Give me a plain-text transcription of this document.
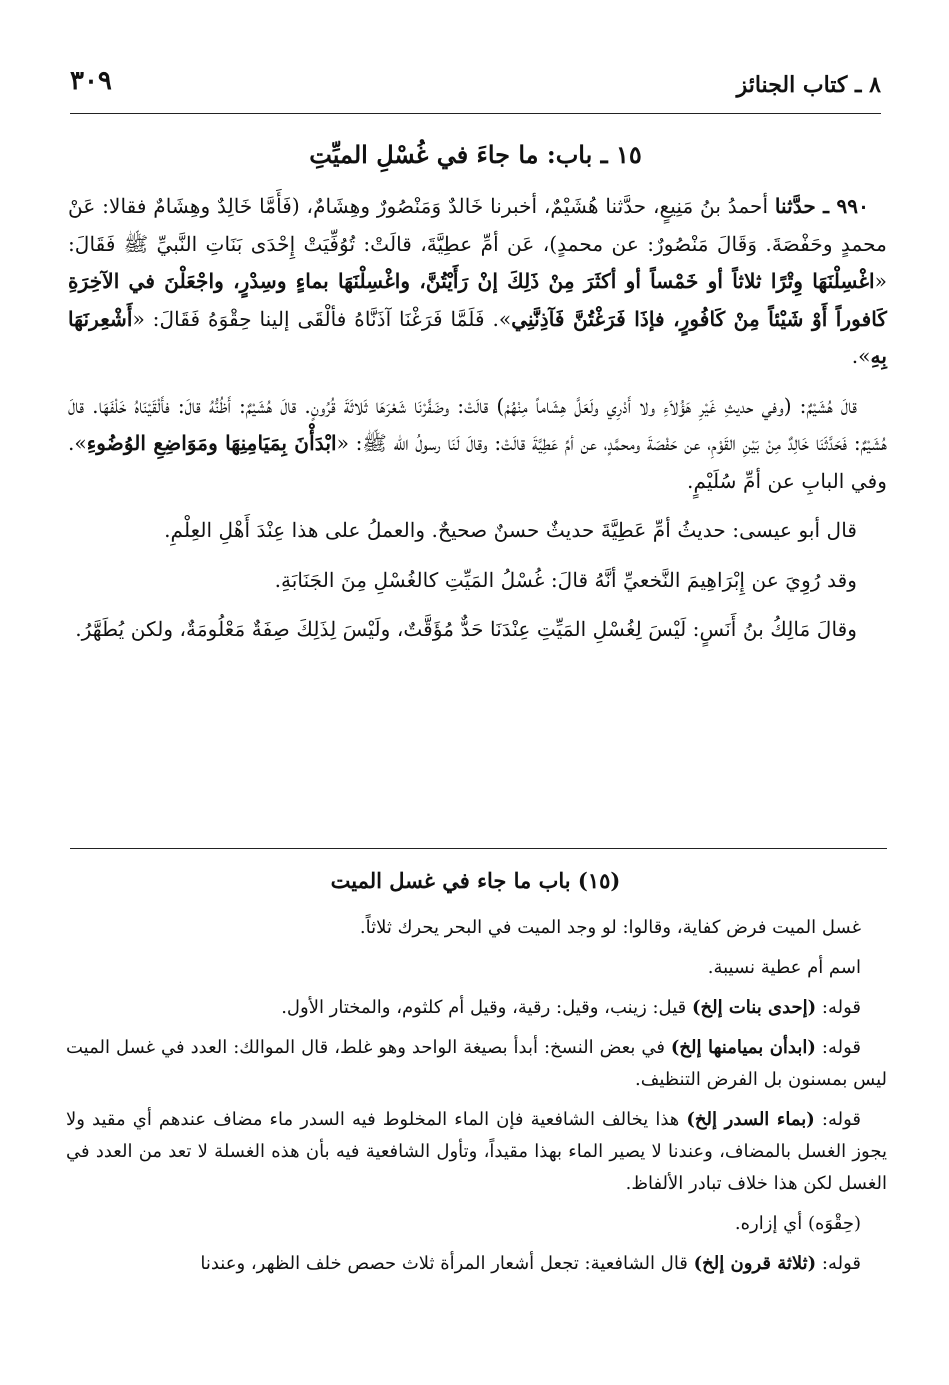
٨ ـ كتاب الجنائز
٣٠٩
١٥ ـ باب: ما جاءَ في غُسْلِ الميِّتِ

٩٩٠ ـ حدَّثنا أحمدُ بنُ مَنِيعٍ، حدَّثنا هُشَيْمٌ، أخبرنا خَالدٌ وَمَنْصُورٌ وهِشَامٌ، (فَأَمَّا خَالِدٌ وهِشَامٌ فقالا: عَنْ محمدٍ وحَفْصَةَ. وَقَالَ مَنْصُورٌ: عن محمدٍ)، عَن أمِّ عطِيَّةَ، قالَتْ: تُوُفِّيَتْ إِحْدَى بَنَاتِ النَّبيِّ ﷺ فَقَالَ: «اغْسِلْنَهَا وِتْرًا ثلاثاً أو خَمْساً أو أكثَرَ مِنْ ذَلِكَ إنْ رَأَيْتُنَّ، واغْسِلْنَهَا بماءٍ وسِدْرٍ، واجْعَلْنَ في الآخِرَةِ كَافوراً أَوْ شَيْئاً مِنْ كَافُورٍ، فإذَا فَرَغْتُنَّ فَآذِنَّنِي». فَلَمَّا فَرَغْنَا آذَنَّاهُ فألْقَى إلينا حِقْوَهُ فَقَالَ: «أَشْعِرنَهَا بِهِ».

قالَ هُشَيْمٌ: (وفي حديثِ غَيْرِ هَؤُلاَءِ ولا أَدْرِي ولَعَلَّ هِشَاماً مِنْهُمْ) قالَتْ: وضَفَّرْنَا شَعْرَهَا ثَلاثَةَ قُرُونٍ. قالَ هُشَيْمٌ: أَظُنُّهُ قالَ: فأَلْقَيْنَاهُ خَلْفَهَا. قالَ هُشَيْمٌ: فَحَدَّثَنَا خَالِدٌ مِنْ بَيْنِ القَوْمِ، عن حَفْصَةَ ومحمَّدٍ، عن أمِّ عَطِيَّةَ قالَتْ: وقالَ لَنَا رسولُ الله ﷺ: «ابْدَأْنَ بِمَيَامِنِهَا ومَوَاضِعِ الوُضُوءِ». وفي البابِ عن أمِّ سُلَيْمٍ.

قال أبو عيسى: حديثُ أمِّ عَطِيَّةَ حديثٌ حسنٌ صحيحٌ. والعملُ على هذا عِنْدَ أَهْلِ العِلْمِ.

وقد رُوِيَ عن إِبْرَاهِيمَ النَّخعيِّ أنَّهُ قالَ: غُسْلُ المَيِّتِ كالغُسْلِ مِنَ الجَنَابَةِ.

وقالَ مَالِكُ بنُ أَنَسٍ: لَيْسَ لِغُسْلِ المَيِّتِ عِنْدَنَا حَدٌّ مُؤَقَّتٌ، ولَيْسَ لِذَلِكَ صِفَةٌ مَعْلُومَةٌ، ولكن يُطَهَّرُ.

(١٥) باب ما جاء في غسل الميت

غسل الميت فرض كفاية، وقالوا: لو وجد الميت في البحر يحرك ثلاثاً.

اسم أم عطية نسيبة.

قوله: (إحدى بنات إلخ) قيل: زينب، وقيل: رقية، وقيل أم كلثوم، والمختار الأول.

قوله: (ابدأن بميامنها إلخ) في بعض النسخ: أبدأ بصيغة الواحد وهو غلط، قال الموالك: العدد في غسل الميت ليس بمسنون بل الفرض التنظيف.

قوله: (بماء السدر إلخ) هذا يخالف الشافعية فإن الماء المخلوط فيه السدر ماء مضاف عندهم أي مقيد ولا يجوز الغسل بالمضاف، وعندنا لا يصير الماء بهذا مقيداً، وتأول الشافعية فيه بأن هذه الغسلة لا تعد من العدد في الغسل لكن هذا خلاف تبادر الألفاظ.

(حِقْوَه) أي إزاره.

قوله: (ثلاثة قرون إلخ) قال الشافعية: تجعل أشعار المرأة ثلاث حصص خلف الظهر، وعندنا
